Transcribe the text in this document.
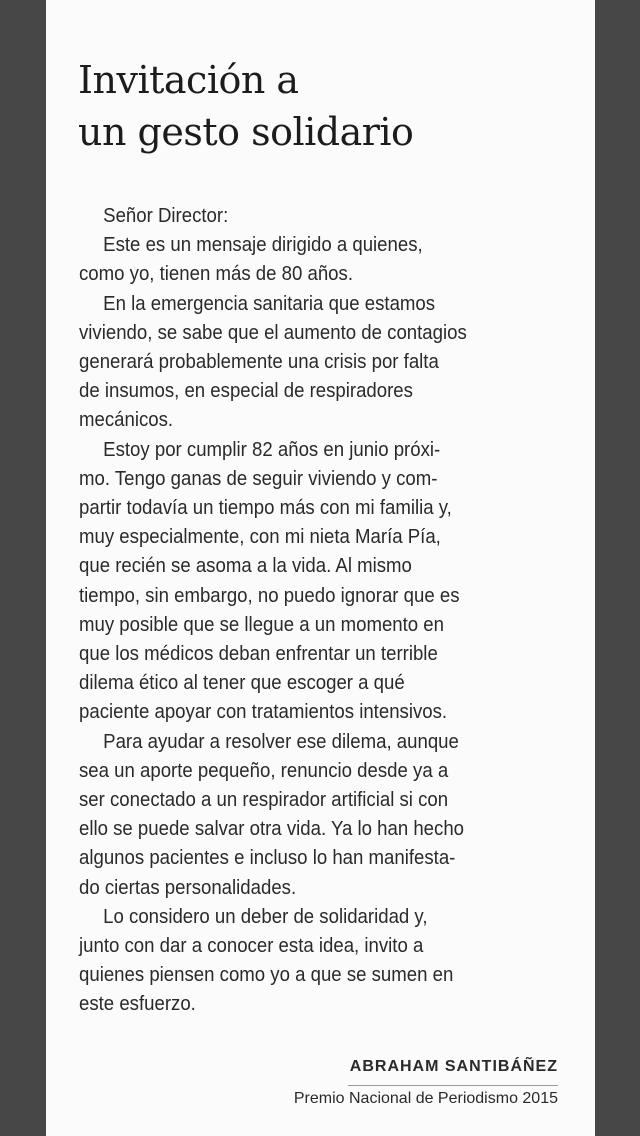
Invitación a
un gesto solidario

Señor Director:

Este es un mensaje dirigido a quienes,
como yo, tienen más de 80 años.

En la emergencia sanitaria que estamos
viviendo, se sabe que el aumento de contagios
generará probablemente una crisis por falta
de insumos, en especial de respiradores
mecánicos.

Estoy por cumplir 82 años en junio próxi-
mo. Tengo ganas de seguir viviendo y com-
partir todavía un tiempo más con mi familia y,
muy especialmente, con mi nieta María Pía,
que recién se asoma a la vida. Al mismo
tiempo, sin embargo, no puedo ignorar que es
muy posible que se llegue a un momento en
que los médicos deban enfrentar un terrible
dilema ético al tener que escoger a qué
paciente apoyar con tratamientos intensivos.

Para ayudar a resolver ese dilema, aunque
sea un aporte pequeño, renuncio desde ya a
ser conectado a un respirador artificial si con
ello se puede salvar otra vida. Ya lo han hecho
algunos pacientes e incluso lo han manifesta-
do ciertas personalidades.

Lo considero un deber de solidaridad y,
junto con dar a conocer esta idea, invito a
quienes piensen como yo a que se sumen en
este esfuerzo.

ABRAHAM SANTIBÁÑEZ
Premio Nacional de Periodismo 2015
